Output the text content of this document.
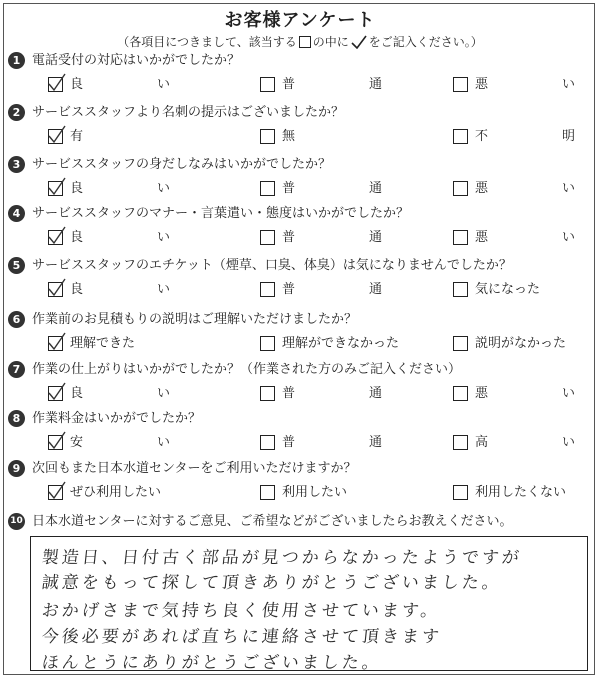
お客様アンケート
（各項目につきまして、該当する の中に をご記入ください。）
1 電話受付の対応はいかがでしたか？
良	い	普	通	悪	い
2 サービススタッフより名刺の提示はございましたか？
有	無	不	明
3 サービススタッフの身だしなみはいかがでしたか？
良	い	普	通	悪	い
4 サービススタッフのマナー・言葉遣い・態度はいかがでしたか？
良	い	普	通	悪	い
5 サービススタッフのエチケット（煙草、口臭、体臭）は気になりませんでしたか？
良	い	普	通	気になった
6 作業前のお見積もりの説明はご理解いただけましたか？
理解できた	理解ができなかった	説明がなかった
7 作業の仕上がりはいかがでしたか？（作業された方のみご記入ください）
良	い	普	通	悪	い
8 作業料金はいかがでしたか？
安	い	普	通	高	い
9 次回もまた日本水道センターをご利用いただけますか？
ぜひ利用したい	利用したい	利用したくない
10 日本水道センターに対するご意見、ご希望などがございましたらお教えください。
製造日、日付古く部品が見つからなかったようですが
誠意をもって探して頂きありがとうございました。
おかげさまで気持ち良く使用させています。
今後必要があれば直ちに連絡させて頂きます
ほんとうにありがとうございました。
